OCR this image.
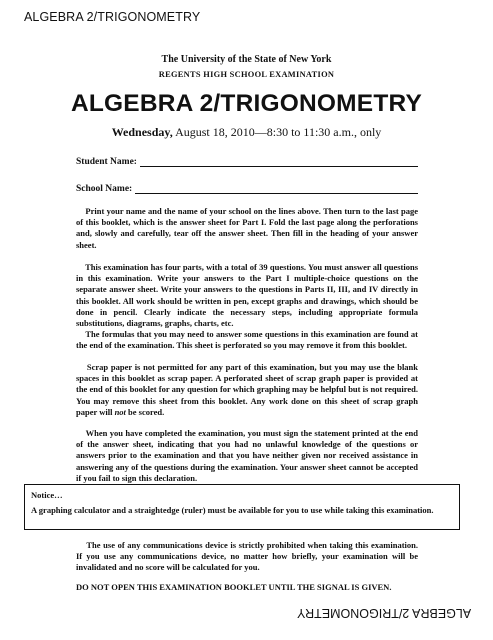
ALGEBRA 2/TRIGONOMETRY
The University of the State of New York
REGENTS HIGH SCHOOL EXAMINATION
ALGEBRA 2/TRIGONOMETRY
Wednesday, August 18, 2010—8:30 to 11:30 a.m., only
Student Name:
School Name:

Print your name and the name of your school on the lines above. Then turn to the last page of this booklet, which is the answer sheet for Part I. Fold the last page along the perforations and, slowly and carefully, tear off the answer sheet. Then fill in the heading of your answer sheet.

This examination has four parts, with a total of 39 questions. You must answer all questions in this examination. Write your answers to the Part I multiple-choice questions on the separate answer sheet. Write your answers to the questions in Parts II, III, and IV directly in this booklet. All work should be written in pen, except graphs and drawings, which should be done in pencil. Clearly indicate the necessary steps, including appropriate formula substitutions, diagrams, graphs, charts, etc.

The formulas that you may need to answer some questions in this examination are found at the end of the examination. This sheet is perforated so you may remove it from this booklet.

Scrap paper is not permitted for any part of this examination, but you may use the blank spaces in this booklet as scrap paper. A perforated sheet of scrap graph paper is provided at the end of this booklet for any question for which graphing may be helpful but is not required. You may remove this sheet from this booklet. Any work done on this sheet of scrap graph paper will not be scored.

When you have completed the examination, you must sign the statement printed at the end of the answer sheet, indicating that you had no unlawful knowledge of the questions or answers prior to the examination and that you have neither given nor received assistance in answering any of the questions during the examination. Your answer sheet cannot be accepted if you fail to sign this declaration.

Notice…

A graphing calculator and a straightedge (ruler) must be available for you to use while taking this examination.

The use of any communications device is strictly prohibited when taking this examination. If you use any communications device, no matter how briefly, your examination will be invalidated and no score will be calculated for you.

DO NOT OPEN THIS EXAMINATION BOOKLET UNTIL THE SIGNAL IS GIVEN.
ALGEBRA 2/TRIGONOMETRY
